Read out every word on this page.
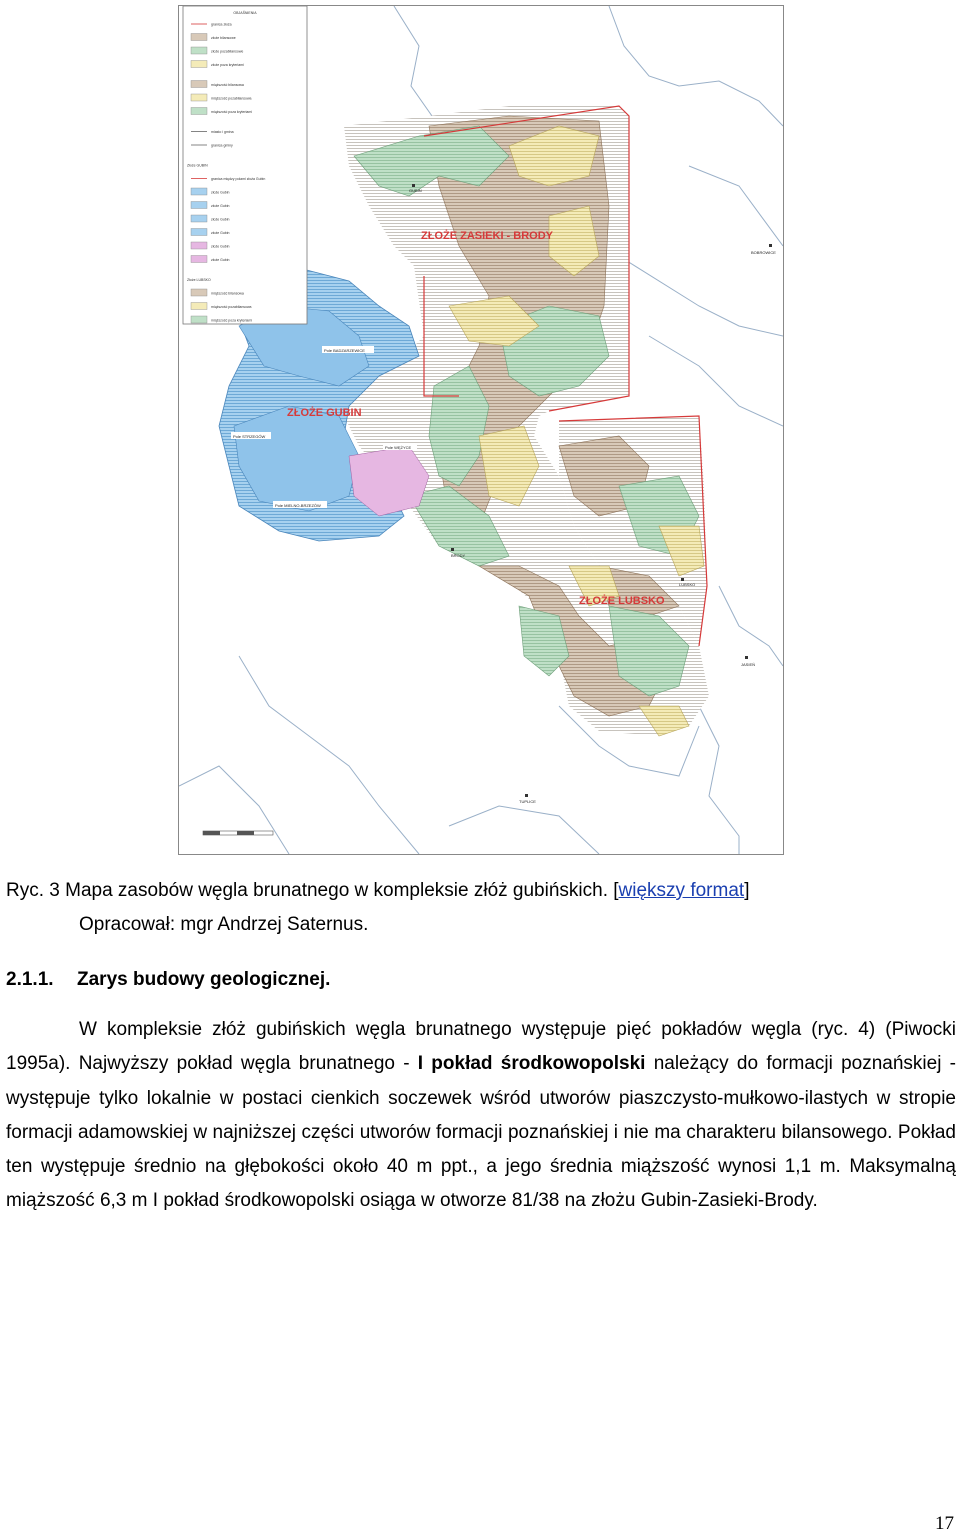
OBJAŚNIENIA
granica złoża
złoże bilansowe
złoże pozabilansowe
złoże poza kryteriami
miąższość bilansowa
miąższość pozabilansowa
miąższość poza kryteriami
miasto i gmina
granica gminy
Złoże GUBIN
granica między polami złoża Gubin
złoże Gubin
złoże Gubin
złoże Gubin
złoże Gubin
złoże Gubin
złoże Gubin
Złoże LUBSKO
miąższość bilansowa
miąższość pozabilansowa
miąższość poza kryteriami
ZŁOŻE ZASIEKI - BRODY
ZŁOŻE GUBIN
ZŁOŻE LUBSKO
Pole BADZARZEWICE
Pole STRZEGÓW
Pole WĘŻYCE
Pole MIELNO-BRZEZÓW
GUBIN
BRODY
LUBSKO
BOBROWICE
JASIEŃ
TUPLICE
Ryc. 3 Mapa zasobów węgla brunatnego w kompleksie złóż gubińskich. [większy format]
Opracował: mgr Andrzej Saternus.
2.1.1. Zarys budowy geologicznej.
W kompleksie złóż gubińskich węgla brunatnego występuje pięć pokładów węgla (ryc. 4) (Piwocki 1995a). Najwyższy pokład węgla brunatnego - I pokład środkowopolski należący do formacji poznańskiej - występuje tylko lokalnie w postaci cienkich soczewek wśród utworów piaszczysto-mułkowo-ilastych w stropie formacji adamowskiej w najniższej części utworów formacji poznańskiej i nie ma charakteru bilansowego. Pokład ten występuje średnio na głębokości około 40 m ppt., a jego średnia miąższość wynosi 1,1 m. Maksymalną miąższość 6,3 m I pokład środkowopolski osiąga w otworze 81/38 na złożu Gubin-Zasieki-Brody.
17
